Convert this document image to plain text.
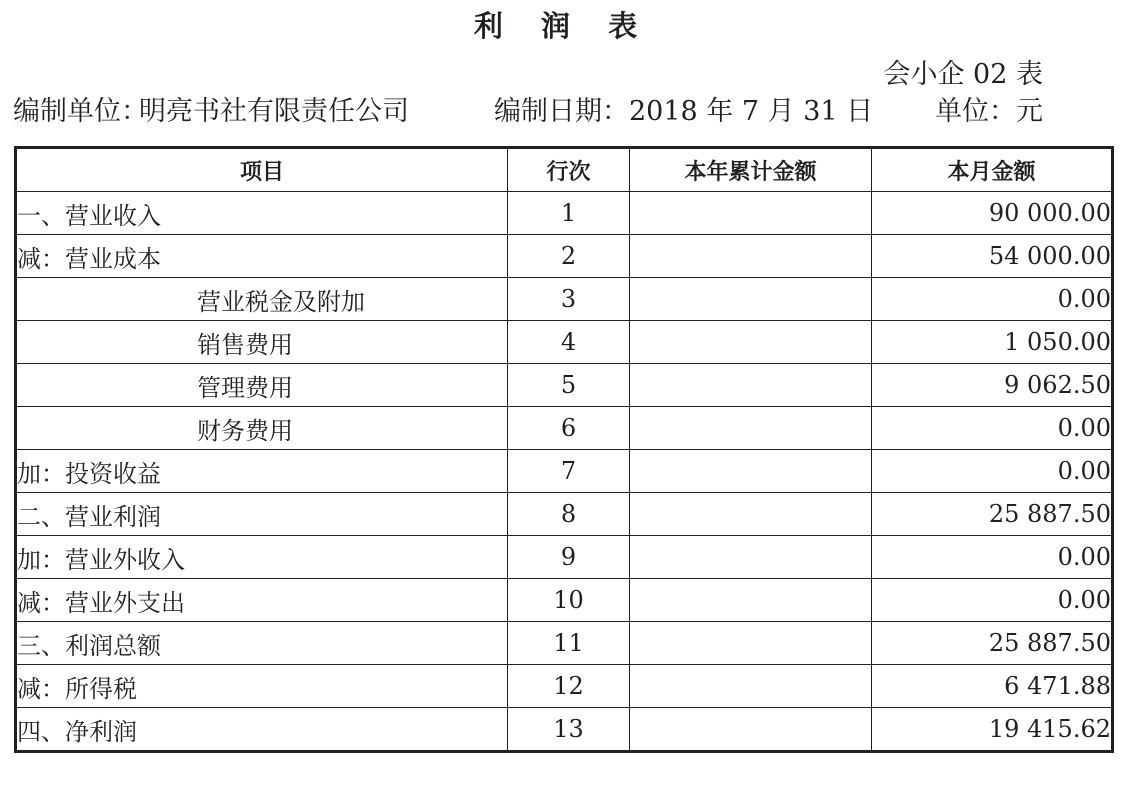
利 润 表
会小企 02 表
编制单位：
明亮书社有限责任公司	编制日期：2018 年 7 月 31 日 单位：元
项目	行次	本年累计金额	本月金额
一、营业收入	1		90 000.00
减：营业成本	2		54 000.00
营业税金及附加	3		0.00
销售费用	4		1 050.00
管理费用	5		9 062.50
财务费用	6		0.00
加：投资收益	7		0.00
二、营业利润	8		25 887.50
加：营业外收入	9		0.00
减：营业外支出	10		0.00
三、利润总额	11		25 887.50
减：所得税	12		6 471.88
四、净利润	13		19 415.62
